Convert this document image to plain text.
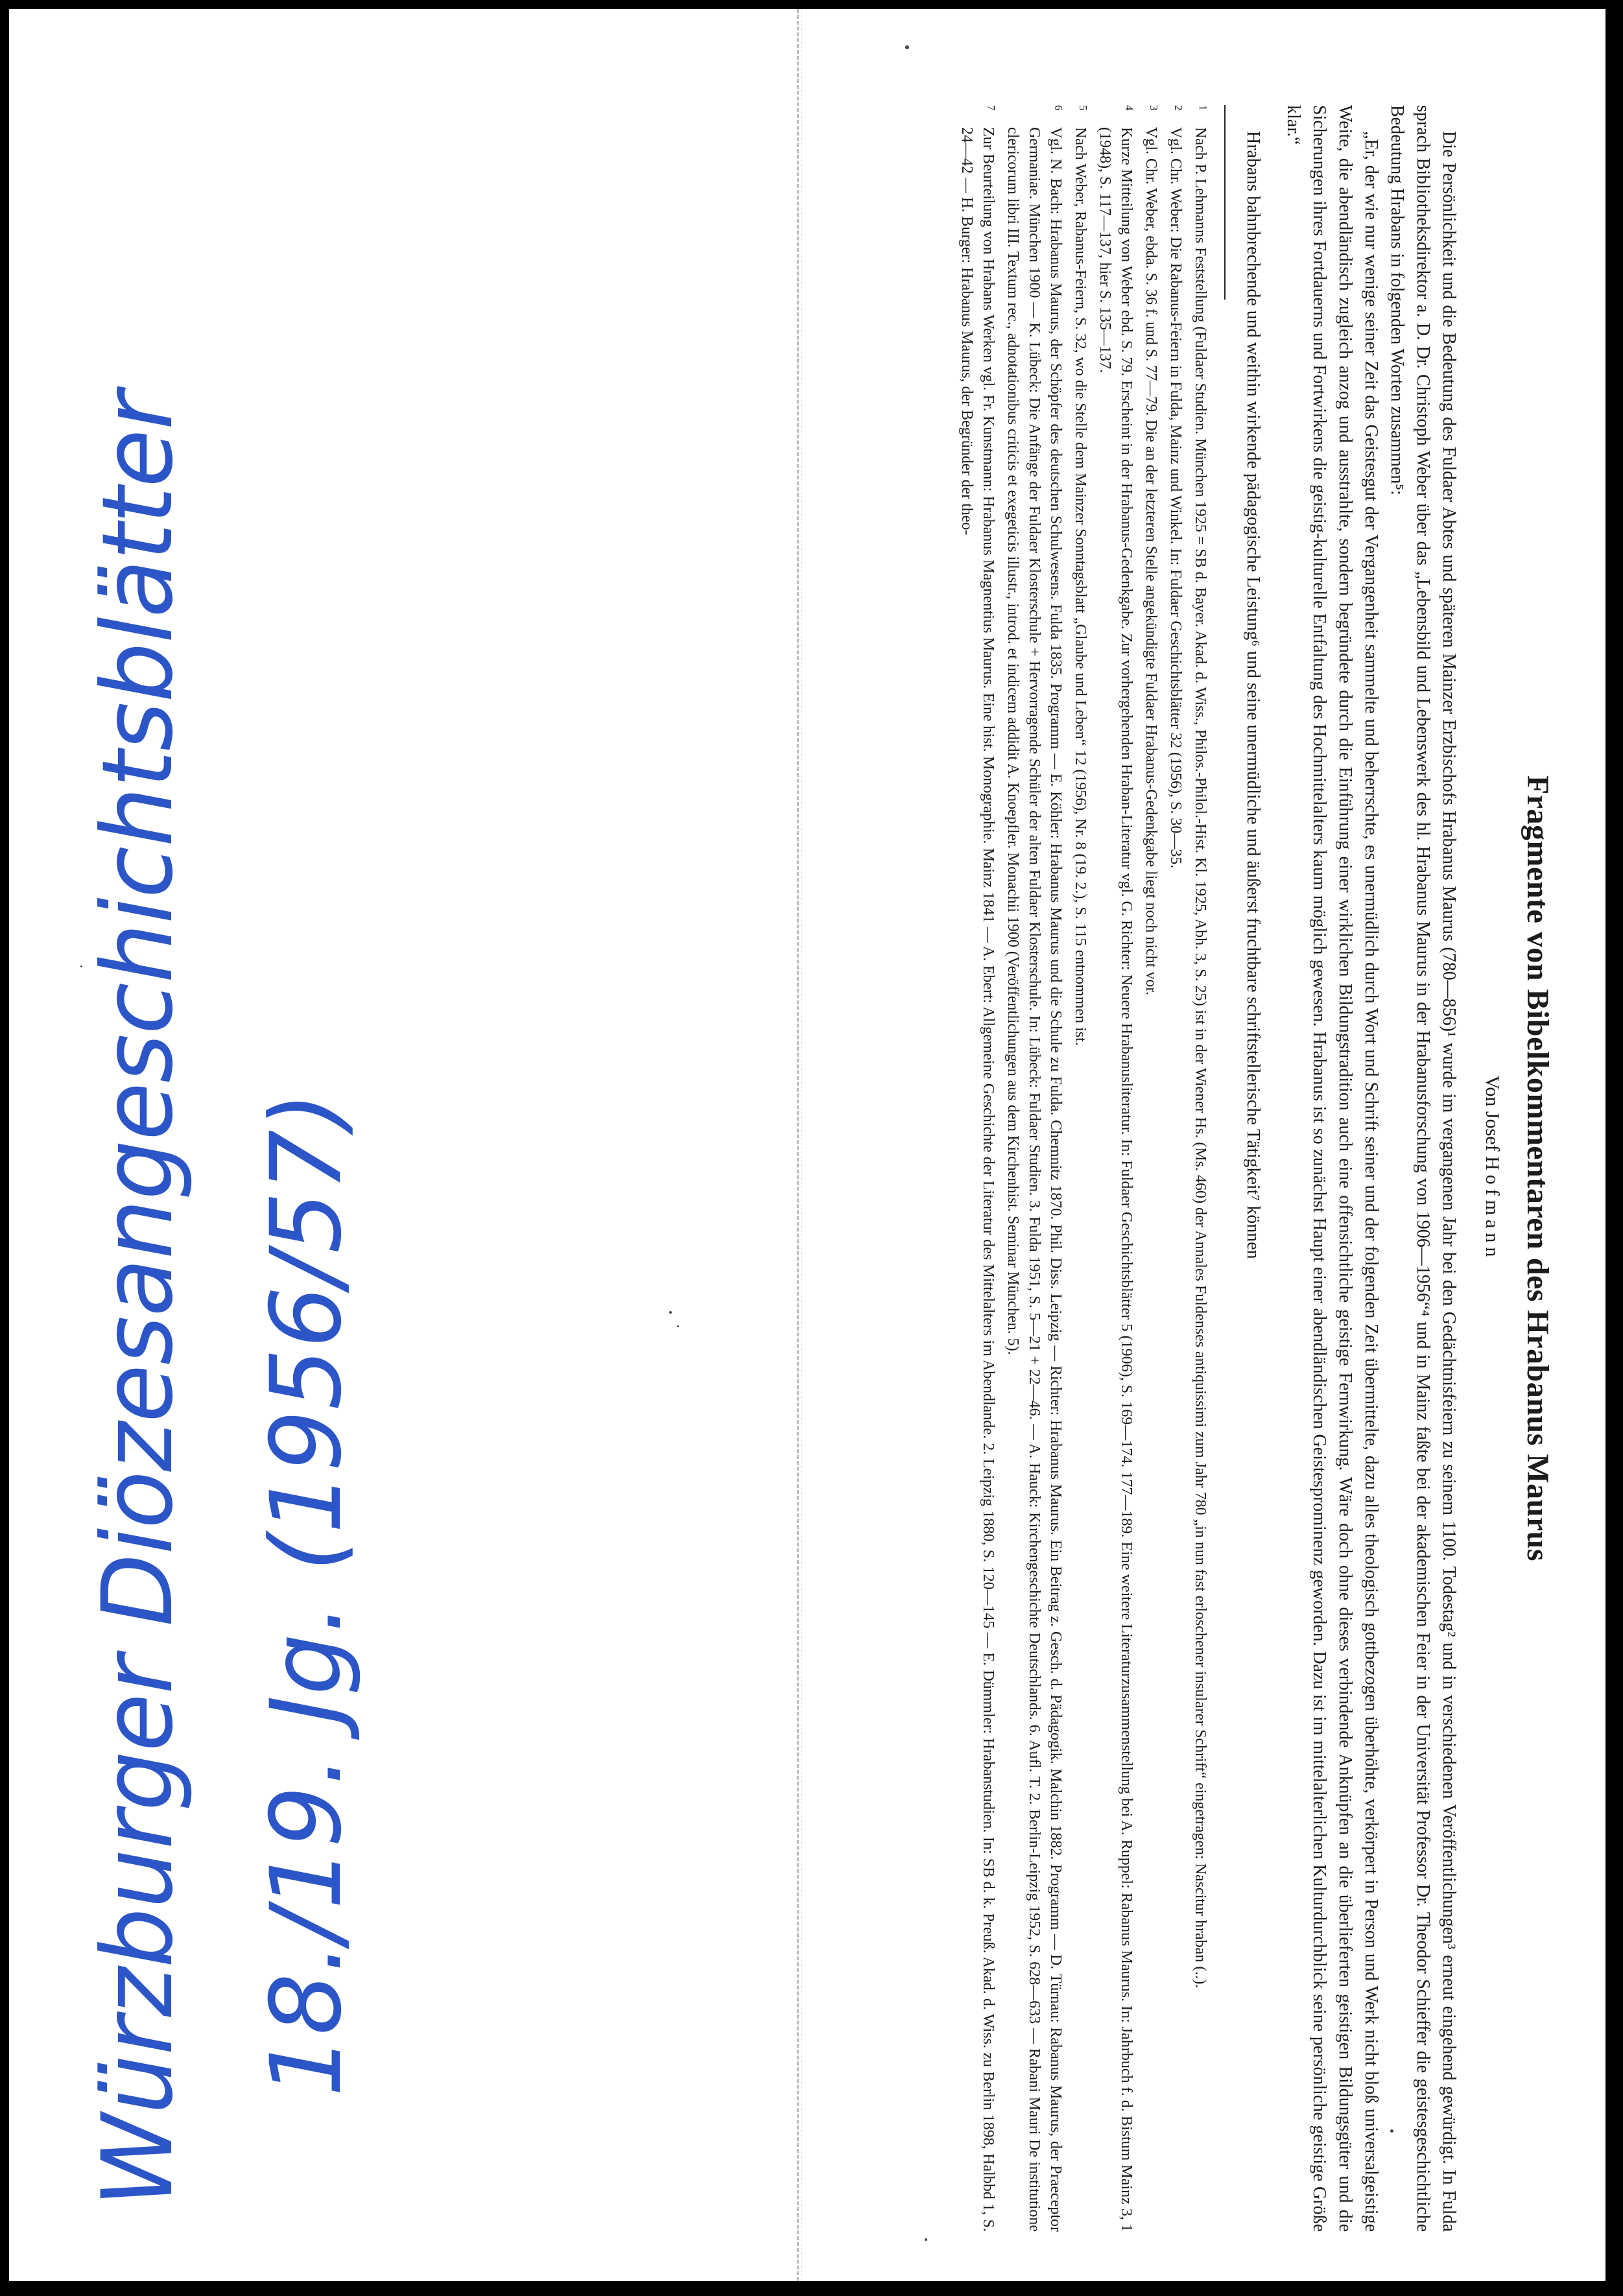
Fragmente von Bibelkommentaren des Hrabanus Maurus
Von Josef Hofmann

Die Persönlichkeit und die Bedeutung des Fuldaer Abtes und späteren Mainzer Erzbischofs Hrabanus Maurus (780—856)¹ wurde im vergangenen Jahr bei den Gedächtnisfeiern zu seinem 1100. Todestag² und in verschiedenen Veröffentlichungen³ erneut eingehend gewürdigt. In Fulda sprach Bibliotheksdirektor a. D. Dr. Christoph Weber über das „Lebensbild und Lebenswerk des hl. Hrabanus Maurus in der Hrabanusforschung von 1906—1956“⁴ und in Mainz faßte bei der akademischen Feier in der Universität Professor Dr. Theodor Schieffer die geistesgeschichtliche Bedeutung Hrabans in folgenden Worten zusammen⁵:

„Er, der wie nur wenige seiner Zeit das Geistesgut der Vergangenheit sammelte und beherrschte, es unermüdlich durch Wort und Schrift seiner und der folgenden Zeit übermittelte, dazu alles theologisch gottbezogen überhöhte, verkörpert in Person und Werk nicht bloß universalgeistige Weite, die abendländisch zugleich anzog und ausstrahlte, sondern begründete durch die Einführung einer wirklichen Bildungstradition auch eine offensichtliche geistige Fernwirkung. Wäre doch ohne dieses verbindende Anknüpfen an die überlieferten geistigen Bildungsgüter und die Sicherungen ihres Fortdauerns und Fortwirkens die geistig-kulturelle Entfaltung des Hochmittelalters kaum möglich gewesen. Hrabanus ist so zunächst Haupt einer abendländischen Geistesprominenz geworden. Dazu ist im mittelalterlichen Kulturdurchblick seine persönliche geistige Größe klar.“

Hrabans bahnbrechende und weithin wirkende pädagogische Leistung⁶ und seine unermüdliche und äußerst fruchtbare schriftstellerische Tätigkeit⁷ können

$^1$Nach P. Lehmanns Feststellung (Fuldaer Studien. München 1925 = SB d. Bayer. Akad. d. Wiss., Philos.-Philol.-Hist. Kl. 1925, Abh. 3, S. 25) ist in der Wiener Hs. (Ms. 460) der Annales Fuldenses antiquissimi zum Jahr 780 „in nun fast erloschener insularer Schrift“ eingetragen: Nascitur hraban (..).

$^2$Vgl. Chr. Weber: Die Rabanus-Feiern in Fulda, Mainz und Winkel. In: Fuldaer Geschichtsblätter 32 (1956), S. 30—35.

$^3$Vgl. Chr. Weber, ebda. S. 36 f. und S. 77—79. Die an der letzteren Stelle angekündigte Fuldaer Hrabanus-Gedenkgabe liegt noch nicht vor.

$^4$Kurze Mitteilung von Weber ebd. S. 79. Erscheint in der Hrabanus-Gedenkgabe. Zur vorhergehenden Hraban-Literatur vgl. G. Richter: Neuere Hrabanusliteratur. In: Fuldaer Geschichtsblätter 5 (1906), S. 169—174. 177—189. Eine weitere Literaturzusammenstellung bei A. Ruppel: Rabanus Maurus. In: Jahrbuch f. d. Bistum Mainz 3, 1 (1948), S. 117—137, hier S. 135—137.

$^5$Nach Weber, Rabanus-Feiern, S. 32, wo die Stelle dem Mainzer Sonntagsblatt „Glaube und Leben“ 12 (1956), Nr. 8 (19. 2.), S. 115 entnommen ist.

$^6$Vgl. N. Bach: Hrabanus Maurus, der Schöpfer des deutschen Schulwesens. Fulda 1835. Programm — E. Köhler: Hrabanus Maurus und die Schule zu Fulda. Chemnitz 1870. Phil. Diss. Leipzig — Richter: Hrabanus Maurus. Ein Beitrag z. Gesch. d. Pädagogik. Malchin 1882. Programm — D. Türnau: Rabanus Maurus, der Praeceptor Germaniae. München 1900 — K. Lübeck: Die Anfänge der Fuldaer Klosterschule + Hervorragende Schüler der alten Fuldaer Klosterschule. In: Lübeck: Fuldaer Studien. 3. Fulda 1951, S. 5—21 + 22—46. — A. Hauck: Kirchengeschichte Deutschlands. 6. Aufl. T. 2. Berlin-Leipzig 1952, S. 628—633 — Rabani Mauri De institutione clericorum libri III. Textum rec., adnotationibus criticis et exegeticis illustr., introd. et indicem addidit A. Knoepfler. Monachii 1900 (Veröffentlichungen aus dem Kirchenhist. Seminar München. 5).

$^7$Zur Beurteilung von Hrabans Werken vgl. Fr. Kunstmann: Hrabanus Magnentius Maurus. Eine hist. Monographie. Mainz 1841 — A. Ebert: Allgemeine Geschichte der Literatur des Mittelalters im Abendlande. 2. Leipzig 1880, S. 120—145 — E. Dümmler: Hrabanstudien. In: SB d. k. Preuß. Akad. d. Wiss. zu Berlin 1898, Halbbd 1, S. 24—42 — H. Burger: Hrabanus Maurus, der Begründer der theo-

Würzburger Diözesangeschichtsblätter 18./19. Jg. (1956/57)
